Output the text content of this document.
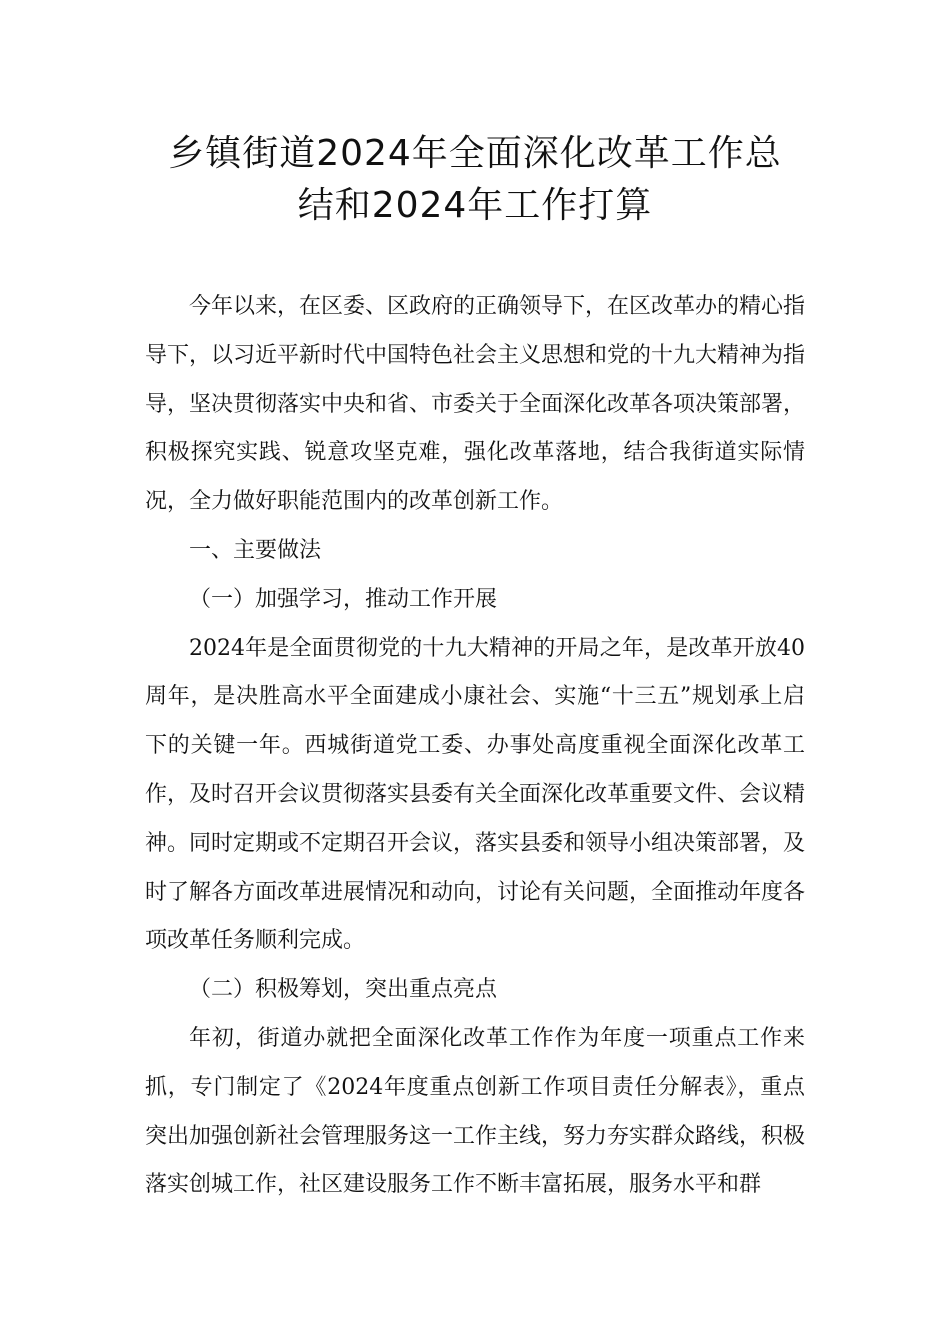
乡镇街道2024年全面深化改革工作总
结和2024年工作打算

今年以来，在区委、区政府的正确领导下，在区改革办的精心指导下，以习近平新时代中国特色社会主义思想和党的十九大精神为指导，坚决贯彻落实中央和省、市委关于全面深化改革各项决策部署，积极探究实践、锐意攻坚克难，强化改革落地，结合我街道实际情况，全力做好职能范围内的改革创新工作。

一、主要做法

（一）加强学习，推动工作开展

2024年是全面贯彻党的十九大精神的开局之年，是改革开放40周年，是决胜高水平全面建成小康社会、实施“十三五”规划承上启下的关键一年。西城街道党工委、办事处高度重视全面深化改革工作，及时召开会议贯彻落实县委有关全面深化改革重要文件、会议精神。同时定期或不定期召开会议，落实县委和领导小组决策部署，及时了解各方面改革进展情况和动向，讨论有关问题，全面推动年度各项改革任务顺利完成。

（二）积极筹划，突出重点亮点

年初，街道办就把全面深化改革工作作为年度一项重点工作来抓，专门制定了《2024年度重点创新工作项目责任分解表》，重点突出加强创新社会管理服务这一工作主线，努力夯实群众路线，积极落实创城工作，社区建设服务工作不断丰富拓展，服务水平和群
